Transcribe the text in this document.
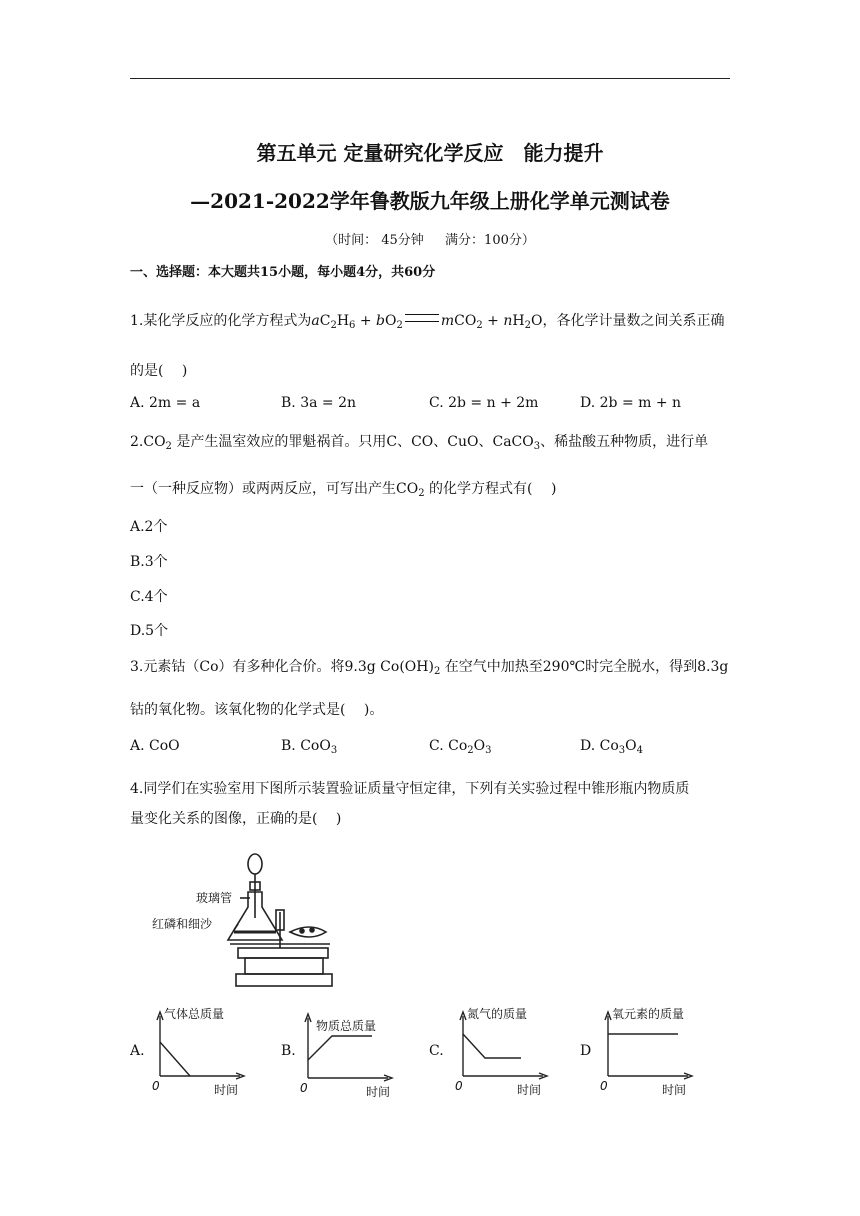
第五单元 定量研究化学反应　能力提升
—2021-2022学年鲁教版九年级上册化学单元测试卷
（时间： 45分钟 　 满分：100分）
一、选择题：本大题共15小题，每小题4分，共60分
1.某化学反应的化学方程式为$aC_2H_6 + bO_2$	$mCO_2 + nH_2O$，各化学计量数之间关系正确
的是(　 )
A. 2m = a	B. 3a = 2n	C. 2b = n + 2m	D. 2b = m + n
$2.CO_2$ 是产生温室效应的罪魁祸首。只用C、CO、CuO、CaCO$_3$、稀盐酸五种物质，进行单
一（一种反应物）或两两反应，可写出产生$CO_2$ 的化学方程式有(　 )
A.2个
B.3个
C.4个
D.5个
3.元素钴（Co）有多种化合价。将9.3g $Co(OH)_2$ 在空气中加热至290℃时完全脱水，得到8.3g
钴的氧化物。该氧化物的化学式是(　 )。
A. CoO	B. CoO$_3$	C. $Co_2O_3$	D. $Co_3O_4$
4.同学们在实验室用下图所示装置验证质量守恒定律，下列有关实验过程中锥形瓶内物质质
量变化关系的图像，正确的是(　 )
玻璃管
红磷和细沙
A.
气体总质量
时间
0
B.
物质总质量
时间
0
C.
氮气的质量
时间
0
D
氧元素的质量
时间
0
